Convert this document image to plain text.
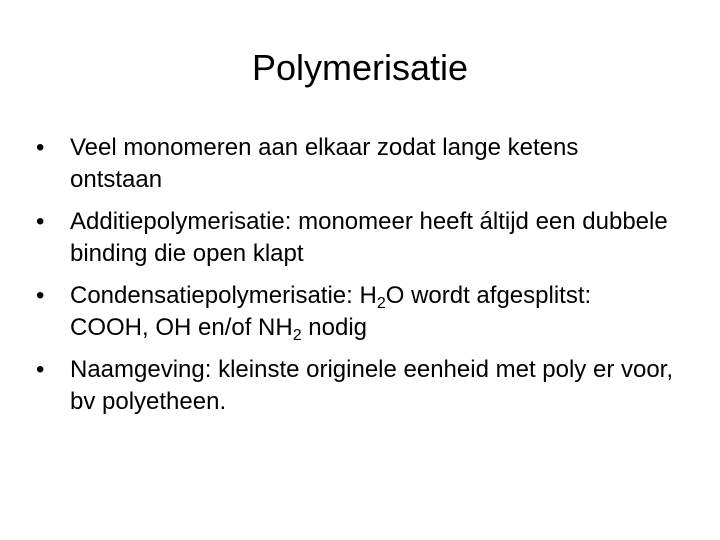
Polymerisatie
•	Veel monomeren aan elkaar zodat lange ketens ontstaan
•	Additiepolymerisatie: monomeer heeft áltijd een dubbele binding die open klapt
•	Condensatiepolymerisatie: $H_2O$ wordt afgesplitst: COOH, OH en/of $NH_2$ nodig
•	Naamgeving: kleinste originele eenheid met poly er voor, bv polyetheen.
